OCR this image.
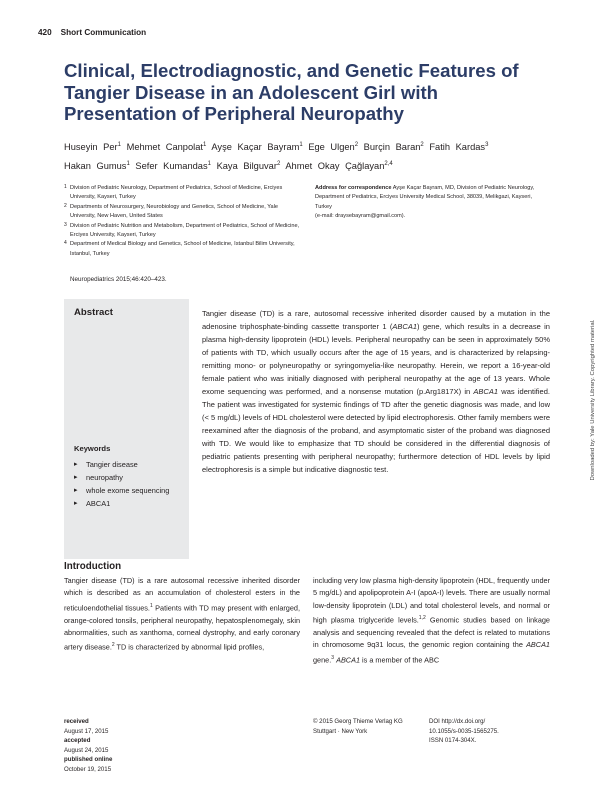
420 Short Communication
Clinical, Electrodiagnostic, and Genetic Features of Tangier Disease in an Adolescent Girl with Presentation of Peripheral Neuropathy
Huseyin Per$^1$ Mehmet Canpolat$^1$ Ayşe Kaçar Bayram$^1$ Ege Ulgen$^2$ Burçin Baran$^2$ Fatih Kardas$^3$
Hakan Gumus$^1$ Sefer Kumandas$^1$ Kaya Bilguvar$^2$ Ahmet Okay Çağlayan$^{2,4}$
1 Division of Pediatric Neurology, Department of Pediatrics, School of Medicine, Erciyes University, Kayseri, Turkey
2 Departments of Neurosurgery, Neurobiology and Genetics, School of Medicine, Yale University, New Haven, United States
3 Division of Pediatric Nutrition and Metabolism, Department of Pediatrics, School of Medicine, Erciyes University, Kayseri, Turkey
4 Department of Medical Biology and Genetics, School of Medicine, Istanbul Bilim University, Istanbul, Turkey
Address for correspondence Ayşe Kaçar Bayram, MD, Division of Pediatric Neurology, Department of Pediatrics, Erciyes University Medical School, 38039, Melikgazi, Kayseri, Turkey
(e-mail: draysebayram@gmail.com).
Neuropediatrics 2015;46:420–423.
Abstract
Keywords
▸ Tangier disease
▸ neuropathy
▸ whole exome sequencing
▸ ABCA1
Tangier disease (TD) is a rare, autosomal recessive inherited disorder caused by a mutation in the adenosine triphosphate-binding cassette transporter 1 (ABCA1) gene, which results in a decrease in plasma high-density lipoprotein (HDL) levels. Peripheral neuropathy can be seen in approximately 50% of patients with TD, which usually occurs after the age of 15 years, and is characterized by relapsing-remitting mono- or polyneuropathy or syringomyelia-like neuropathy. Herein, we report a 16-year-old female patient who was initially diagnosed with peripheral neuropathy at the age of 13 years. Whole exome sequencing was performed, and a nonsense mutation (p.Arg1817X) in ABCA1 was identified. The patient was investigated for systemic findings of TD after the genetic diagnosis was made, and low (< 5 mg/dL) levels of HDL cholesterol were detected by lipid electrophoresis. Other family members were reexamined after the diagnosis of the proband, and asymptomatic sister of the proband was diagnosed with TD. We would like to emphasize that TD should be considered in the differential diagnosis of pediatric patients presenting with peripheral neuropathy; furthermore detection of HDL levels by lipid electrophoresis is a simple but indicative diagnostic test.	Downloaded by: Yale University Library. Copyrighted material.
Introduction
Tangier disease (TD) is a rare autosomal recessive inherited disorder which is described as an accumulation of cholesterol esters in the reticuloendothelial tissues.$^1$ Patients with TD may present with enlarged, orange-colored tonsils, peripheral neuropathy, hepatosplenomegaly, skin abnormalities, such as xanthoma, corneal dystrophy, and early coronary artery disease.$^2$ TD is characterized by abnormal lipid profiles,
including very low plasma high-density lipoprotein (HDL, frequently under 5 mg/dL) and apolipoprotein A-I (apoA-I) levels. There are usually normal low-density lipoprotein (LDL) and total cholesterol levels, and normal or high plasma triglyceride levels.$^{1,2}$ Genomic studies based on linkage analysis and sequencing revealed that the defect is related to mutations in chromosome 9q31 locus, the genomic region containing the ABCA1 gene.$^3$ ABCA1 is a member of the ABC
received
August 17, 2015
accepted
August 24, 2015
published online
October 19, 2015
© 2015 Georg Thieme Verlag KG
Stuttgart · New York
DOI http://dx.doi.org/
10.1055/s-0035-1565275.
ISSN 0174-304X.
